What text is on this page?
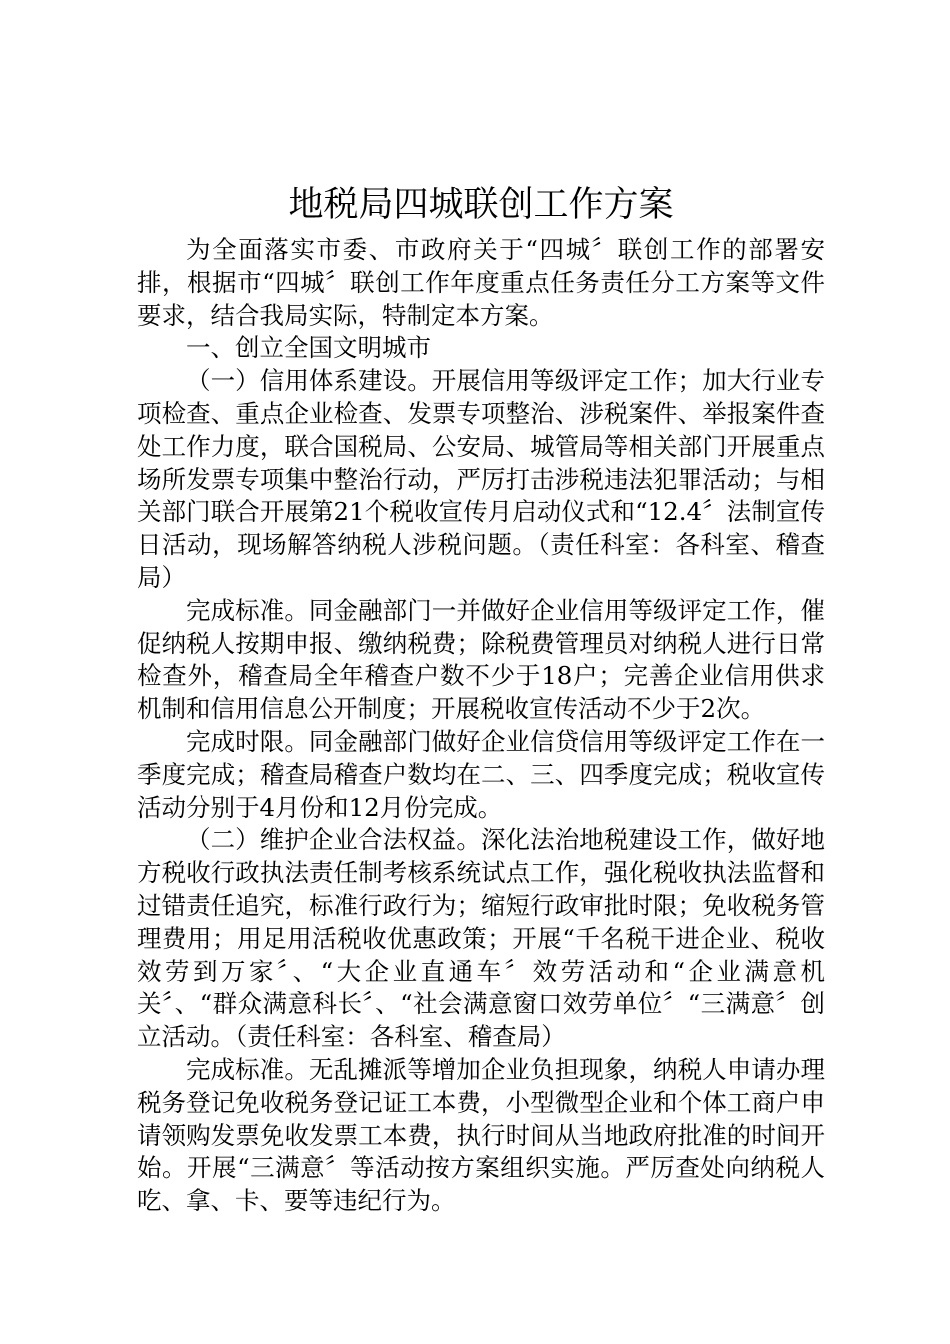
地税局四城联创工作方案

为全面落实市委、市政府关于“四城〞联创工作的部署安排，根据市“四城〞联创工作年度重点任务责任分工方案等文件要求，结合我局实际，特制定本方案。

一、创立全国文明城市

（一）信用体系建设。开展信用等级评定工作；加大行业专项检查、重点企业检查、发票专项整治、涉税案件、举报案件查处工作力度，联合国税局、公安局、城管局等相关部门开展重点场所发票专项集中整治行动，严厉打击涉税违法犯罪活动；与相关部门联合开展第21个税收宣传月启动仪式和“12.4〞法制宣传日活动，现场解答纳税人涉税问题。（责任科室：各科室、稽查局）

完成标准。同金融部门一并做好企业信用等级评定工作，催促纳税人按期申报、缴纳税费；除税费管理员对纳税人进行日常检查外，稽查局全年稽查户数不少于18户；完善企业信用供求机制和信用信息公开制度；开展税收宣传活动不少于2次。

完成时限。同金融部门做好企业信贷信用等级评定工作在一季度完成；稽查局稽查户数均在二、三、四季度完成；税收宣传活动分别于4月份和12月份完成。

（二）维护企业合法权益。深化法治地税建设工作，做好地方税收行政执法责任制考核系统试点工作，强化税收执法监督和过错责任追究，标准行政行为；缩短行政审批时限；免收税务管理费用；用足用活税收优惠政策；开展“千名税干进企业、税收效劳到万家〞、“大企业直通车〞效劳活动和“企业满意机关〞、“群众满意科长〞、“社会满意窗口效劳单位〞“三满意〞创立活动。（责任科室：各科室、稽查局）

完成标准。无乱摊派等增加企业负担现象，纳税人申请办理税务登记免收税务登记证工本费，小型微型企业和个体工商户申请领购发票免收发票工本费，执行时间从当地政府批准的时间开始。开展“三满意〞等活动按方案组织实施。严厉查处向纳税人吃、拿、卡、要等违纪行为。
